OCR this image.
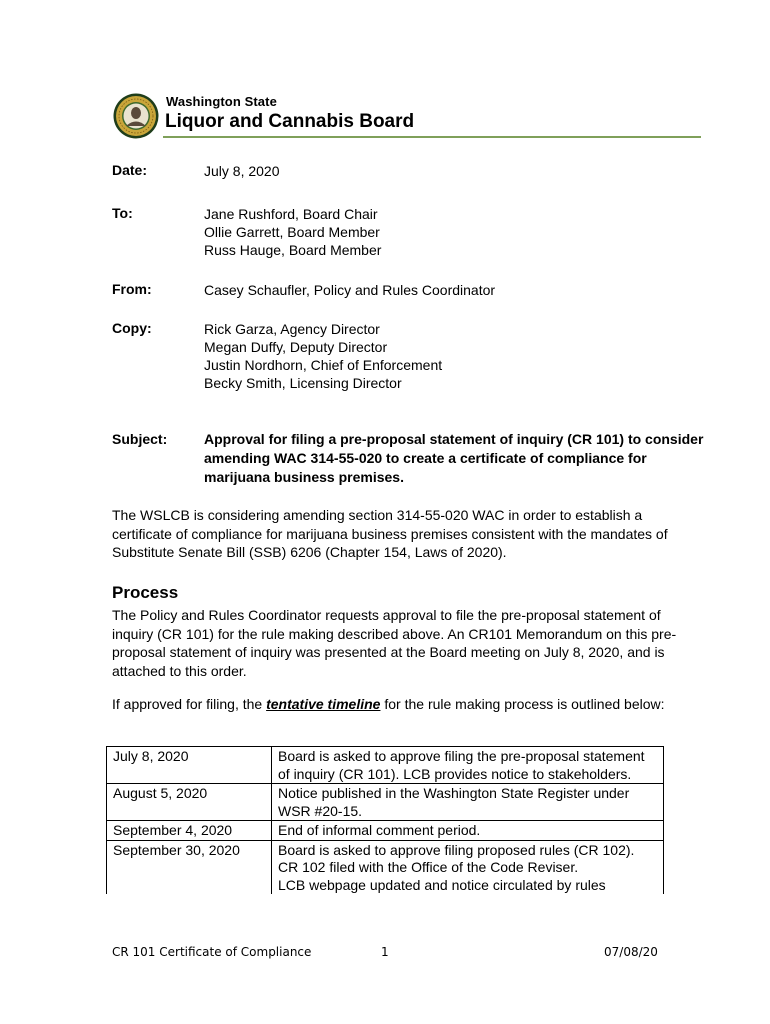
Washington State
Liquor and Cannabis Board
Date:	July 8, 2020
To:	Jane Rushford, Board Chair
Ollie Garrett, Board Member
Russ Hauge, Board Member
From:	Casey Schaufler, Policy and Rules Coordinator
Copy:	Rick Garza, Agency Director
Megan Duffy, Deputy Director
Justin Nordhorn, Chief of Enforcement
Becky Smith, Licensing Director
Subject:	Approval for filing a pre-proposal statement of inquiry (CR 101) to consider amending WAC 314-55-020 to create a certificate of compliance for marijuana business premises.
The WSLCB is considering amending section 314-55-020 WAC in order to establish a certificate of compliance for marijuana business premises consistent with the mandates of Substitute Senate Bill (SSB) 6206 (Chapter 154, Laws of 2020).
Process
The Policy and Rules Coordinator requests approval to file the pre-proposal statement of inquiry (CR 101) for the rule making described above. An CR101 Memorandum on this pre-proposal statement of inquiry was presented at the Board meeting on July 8, 2020, and is attached to this order.
If approved for filing, the tentative timeline for the rule making process is outlined below:
July 8, 2020	Board is asked to approve filing the pre-proposal statement of inquiry (CR 101). LCB provides notice to stakeholders.
August 5, 2020	Notice published in the Washington State Register under WSR #20-15.
September 4, 2020	End of informal comment period.
September 30, 2020	Board is asked to approve filing proposed rules (CR 102).
CR 102 filed with the Office of the Code Reviser.
LCB webpage updated and notice circulated by rules
CR 101 Certificate of Compliance	1	07/08/20
